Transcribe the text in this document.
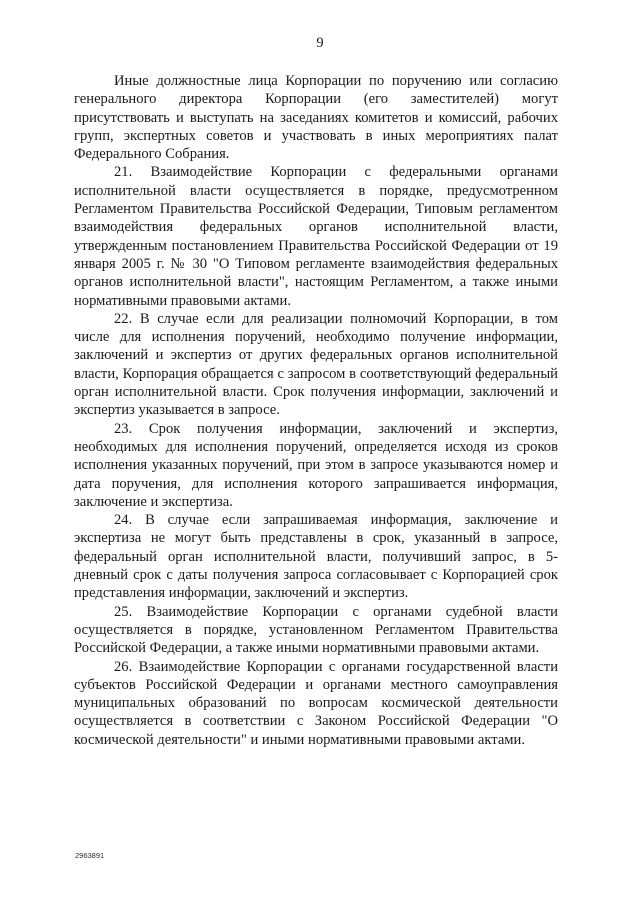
9

Иные должностные лица Корпорации по поручению или согласию генерального директора Корпорации (его заместителей) могут присутствовать и выступать на заседаниях комитетов и комиссий, рабочих групп, экспертных советов и участвовать в иных мероприятиях палат Федерального Собрания.

21. Взаимодействие Корпорации с федеральными органами исполнительной власти осуществляется в порядке, предусмотренном Регламентом Правительства Российской Федерации, Типовым регламентом взаимодействия федеральных органов исполнительной власти, утвержденным постановлением Правительства Российской Федерации от 19 января 2005 г. № 30 "О Типовом регламенте взаимодействия федеральных органов исполнительной власти", настоящим Регламентом, а также иными нормативными правовыми актами.

22. В случае если для реализации полномочий Корпорации, в том числе для исполнения поручений, необходимо получение информации, заключений и экспертиз от других федеральных органов исполнительной власти, Корпорация обращается с запросом в соответствующий федеральный орган исполнительной власти. Срок получения информации, заключений и экспертиз указывается в запросе.

23. Срок получения информации, заключений и экспертиз, необходимых для исполнения поручений, определяется исходя из сроков исполнения указанных поручений, при этом в запросе указываются номер и дата поручения, для исполнения которого запрашивается информация, заключение и экспертиза.

24. В случае если запрашиваемая информация, заключение и экспертиза не могут быть представлены в срок, указанный в запросе, федеральный орган исполнительной власти, получивший запрос, в 5-дневный срок с даты получения запроса согласовывает с Корпорацией срок представления информации, заключений и экспертиз.

25. Взаимодействие Корпорации с органами судебной власти осуществляется в порядке, установленном Регламентом Правительства Российской Федерации, а также иными нормативными правовыми актами.

26. Взаимодействие Корпорации с органами государственной власти субъектов Российской Федерации и органами местного самоуправления муниципальных образований по вопросам космической деятельности осуществляется в соответствии с Законом Российской Федерации "О космической деятельности" и иными нормативными правовыми актами.

2963891
